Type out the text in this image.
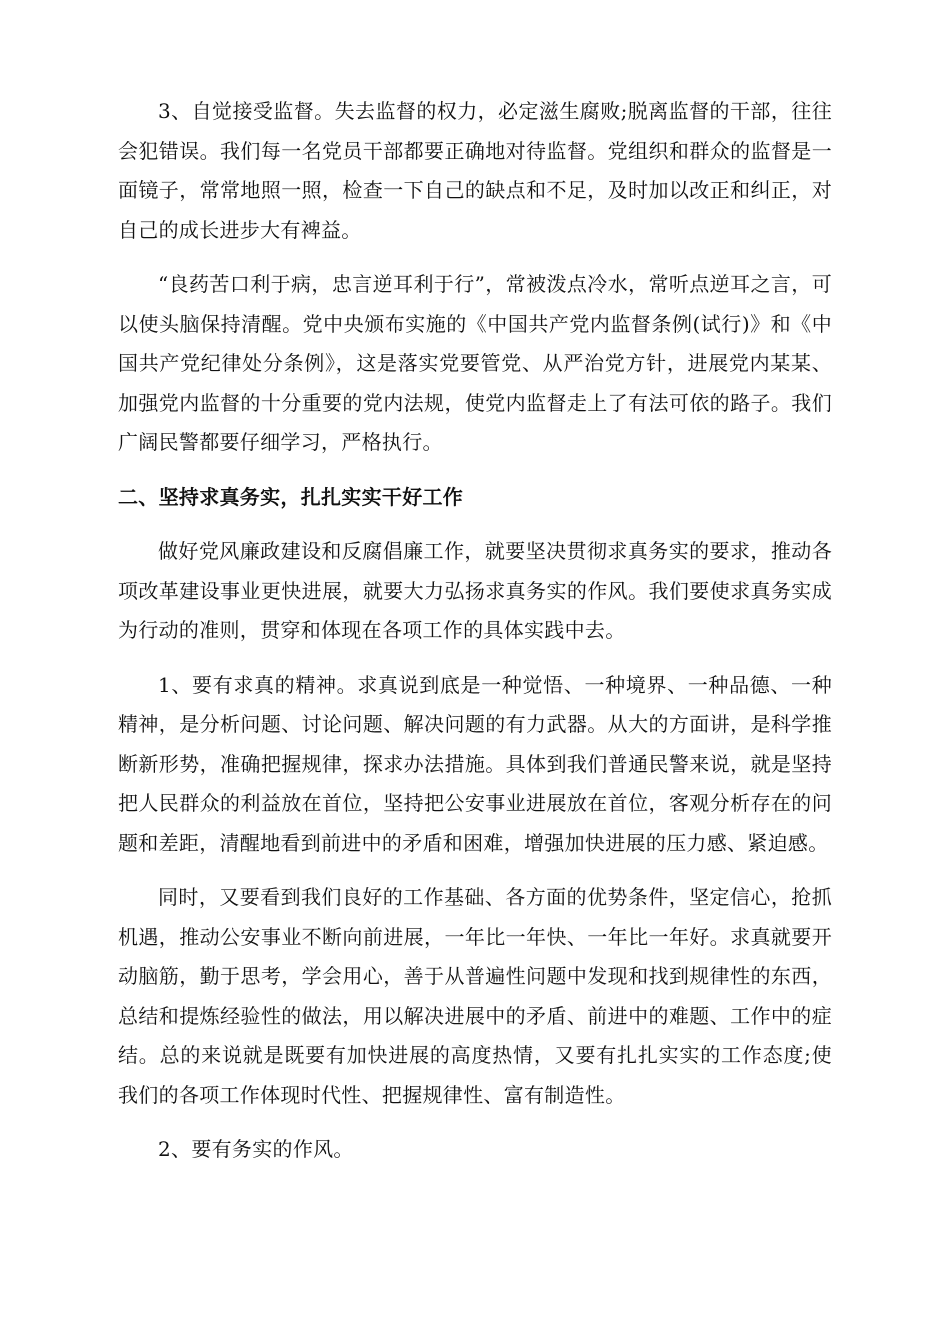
3、自觉接受监督。失去监督的权力，必定滋生腐败;脱离监督的干部，往往会犯错误。我们每一名党员干部都要正确地对待监督。党组织和群众的监督是一面镜子，常常地照一照，检查一下自己的缺点和不足，及时加以改正和纠正，对自己的成长进步大有裨益。

“良药苦口利于病，忠言逆耳利于行”，常被泼点冷水，常听点逆耳之言，可以使头脑保持清醒。党中央颁布实施的《中国共产党内监督条例(试行)》和《中国共产党纪律处分条例》，这是落实党要管党、从严治党方针，进展党内某某、加强党内监督的十分重要的党内法规，使党内监督走上了有法可依的路子。我们广阔民警都要仔细学习，严格执行。

二、坚持求真务实，扎扎实实干好工作

做好党风廉政建设和反腐倡廉工作，就要坚决贯彻求真务实的要求，推动各项改革建设事业更快进展，就要大力弘扬求真务实的作风。我们要使求真务实成为行动的准则，贯穿和体现在各项工作的具体实践中去。

1、要有求真的精神。求真说到底是一种觉悟、一种境界、一种品德、一种精神，是分析问题、讨论问题、解决问题的有力武器。从大的方面讲，是科学推断新形势，准确把握规律，探求办法措施。具体到我们普通民警来说，就是坚持把人民群众的利益放在首位，坚持把公安事业进展放在首位，客观分析存在的问题和差距，清醒地看到前进中的矛盾和困难，增强加快进展的压力感、紧迫感。

同时，又要看到我们良好的工作基础、各方面的优势条件，坚定信心，抢抓机遇，推动公安事业不断向前进展，一年比一年快、一年比一年好。求真就要开动脑筋，勤于思考，学会用心，善于从普遍性问题中发现和找到规律性的东西，总结和提炼经验性的做法，用以解决进展中的矛盾、前进中的难题、工作中的症结。总的来说就是既要有加快进展的高度热情，又要有扎扎实实的工作态度;使我们的各项工作体现时代性、把握规律性、富有制造性。

2、要有务实的作风。
